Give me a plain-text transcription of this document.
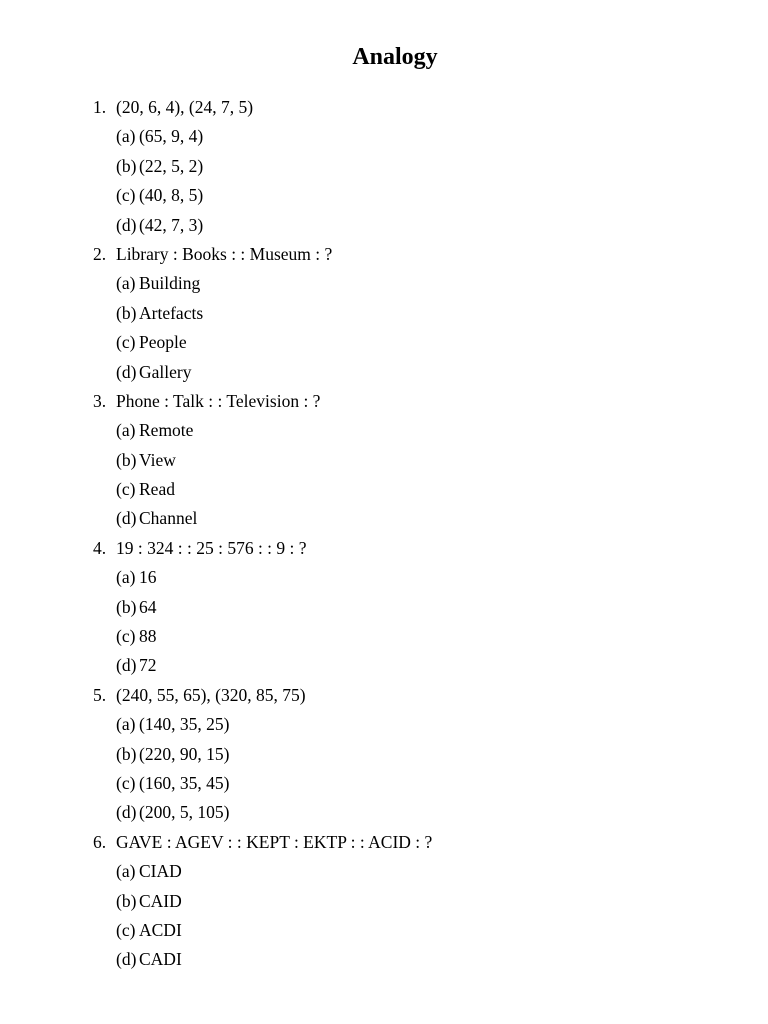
Analogy
1. (20, 6, 4), (24, 7, 5)
(a) (65, 9, 4)
(b) (22, 5, 2)
(c) (40, 8, 5)
(d) (42, 7, 3)
2. Library : Books : : Museum : ?
(a) Building
(b) Artefacts
(c) People
(d) Gallery
3. Phone : Talk : : Television : ?
(a) Remote
(b) View
(c) Read
(d) Channel
4. 19 : 324 : : 25 : 576 : : 9 : ?
(a) 16
(b) 64
(c) 88
(d) 72
5. (240, 55, 65), (320, 85, 75)
(a) (140, 35, 25)
(b) (220, 90, 15)
(c) (160, 35, 45)
(d) (200, 5, 105)
6. GAVE : AGEV : : KEPT : EKTP : : ACID : ?
(a) CIAD
(b) CAID
(c) ACDI
(d) CADI
